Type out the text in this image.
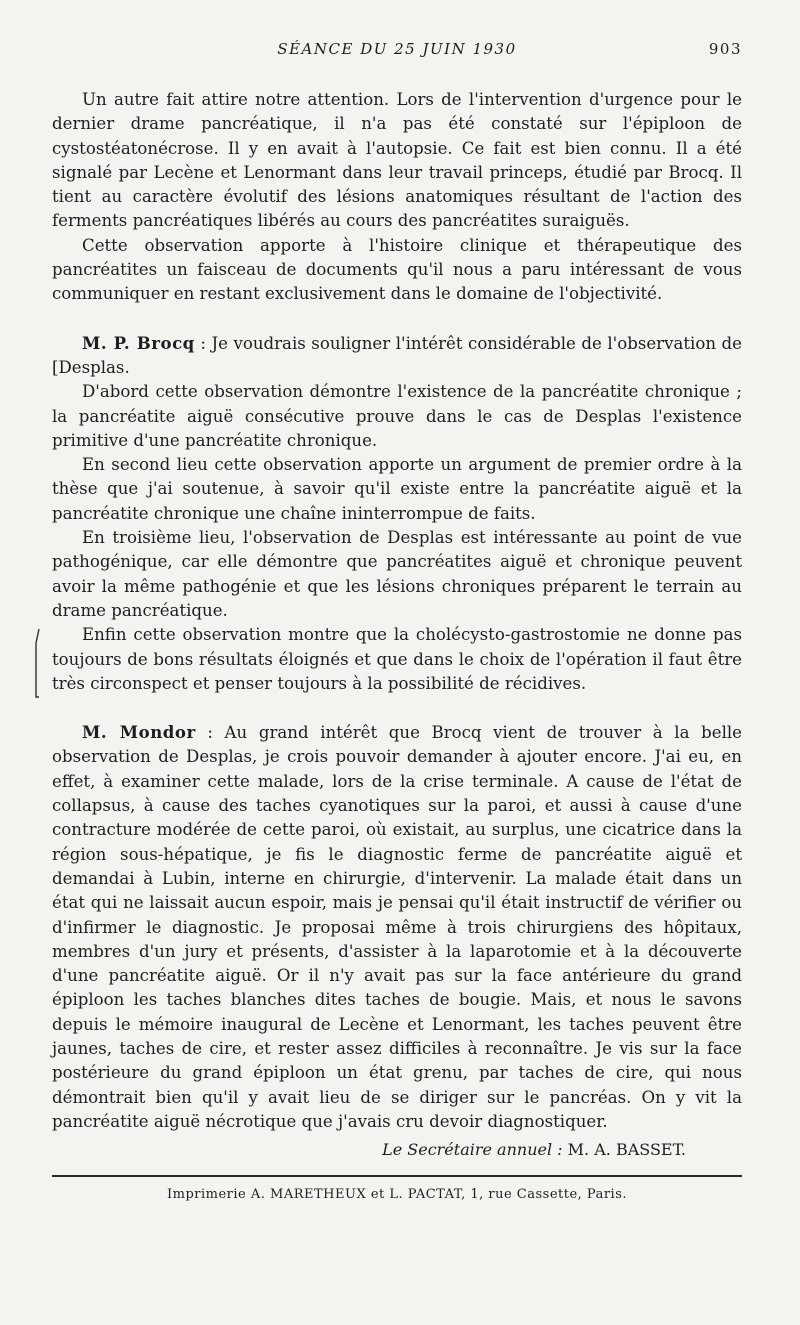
SÉANCE DU 25 JUIN 1930	903

Un autre fait attire notre attention. Lors de l'intervention d'urgence pour le dernier drame pancréatique, il n'a pas été constaté sur l'épiploon de cystostéatonécrose. Il y en avait à l'autopsie. Ce fait est bien connu. Il a été signalé par Lecène et Lenormant dans leur travail princeps, étudié par Brocq. Il tient au caractère évolutif des lésions anatomiques résultant de l'action des ferments pancréatiques libérés au cours des pancréatites suraiguës.

Cette observation apporte à l'histoire clinique et thérapeutique des pancréatites un faisceau de documents qu'il nous a paru intéressant de vous communiquer en restant exclusivement dans le domaine de l'objectivité.

M. P. Brocq : Je voudrais souligner l'intérêt considérable de l'observation de [Desplas.

D'abord cette observation démontre l'existence de la pancréatite chronique ; la pancréatite aiguë consécutive prouve dans le cas de Desplas l'existence primitive d'une pancréatite chronique.

En second lieu cette observation apporte un argument de premier ordre à la thèse que j'ai soutenue, à savoir qu'il existe entre la pancréatite aiguë et la pancréatite chronique une chaîne ininterrompue de faits.

En troisième lieu, l'observation de Desplas est intéressante au point de vue pathogénique, car elle démontre que pancréatites aiguë et chronique peuvent avoir la même pathogénie et que les lésions chroniques préparent le terrain au drame pancréatique.

Enfin cette observation montre que la cholécysto-gastrostomie ne donne pas toujours de bons résultats éloignés et que dans le choix de l'opération il faut être très circonspect et penser toujours à la possibilité de récidives.

M. Mondor : Au grand intérêt que Brocq vient de trouver à la belle observation de Desplas, je crois pouvoir demander à ajouter encore. J'ai eu, en effet, à examiner cette malade, lors de la crise terminale. A cause de l'état de collapsus, à cause des taches cyanotiques sur la paroi, et aussi à cause d'une contracture modérée de cette paroi, où existait, au surplus, une cicatrice dans la région sous-hépatique, je fis le diagnostic ferme de pancréatite aiguë et demandai à Lubin, interne en chirurgie, d'intervenir. La malade était dans un état qui ne laissait aucun espoir, mais je pensai qu'il était instructif de vérifier ou d'infirmer le diagnostic. Je proposai même à trois chirurgiens des hôpitaux, membres d'un jury et présents, d'assister à la laparotomie et à la découverte d'une pancréatite aiguë. Or il n'y avait pas sur la face antérieure du grand épiploon les taches blanches dites taches de bougie. Mais, et nous le savons depuis le mémoire inaugural de Lecène et Lenormant, les taches peuvent être jaunes, taches de cire, et rester assez difficiles à reconnaître. Je vis sur la face postérieure du grand épiploon un état grenu, par taches de cire, qui nous démontrait bien qu'il y avait lieu de se diriger sur le pancréas. On y vit la pancréatite aiguë nécrotique que j'avais cru devoir diagnostiquer.

Le Secrétaire annuel : M. A. BASSET.
Imprimerie A. MARETHEUX et L. PACTAT, 1, rue Cassette, Paris.
